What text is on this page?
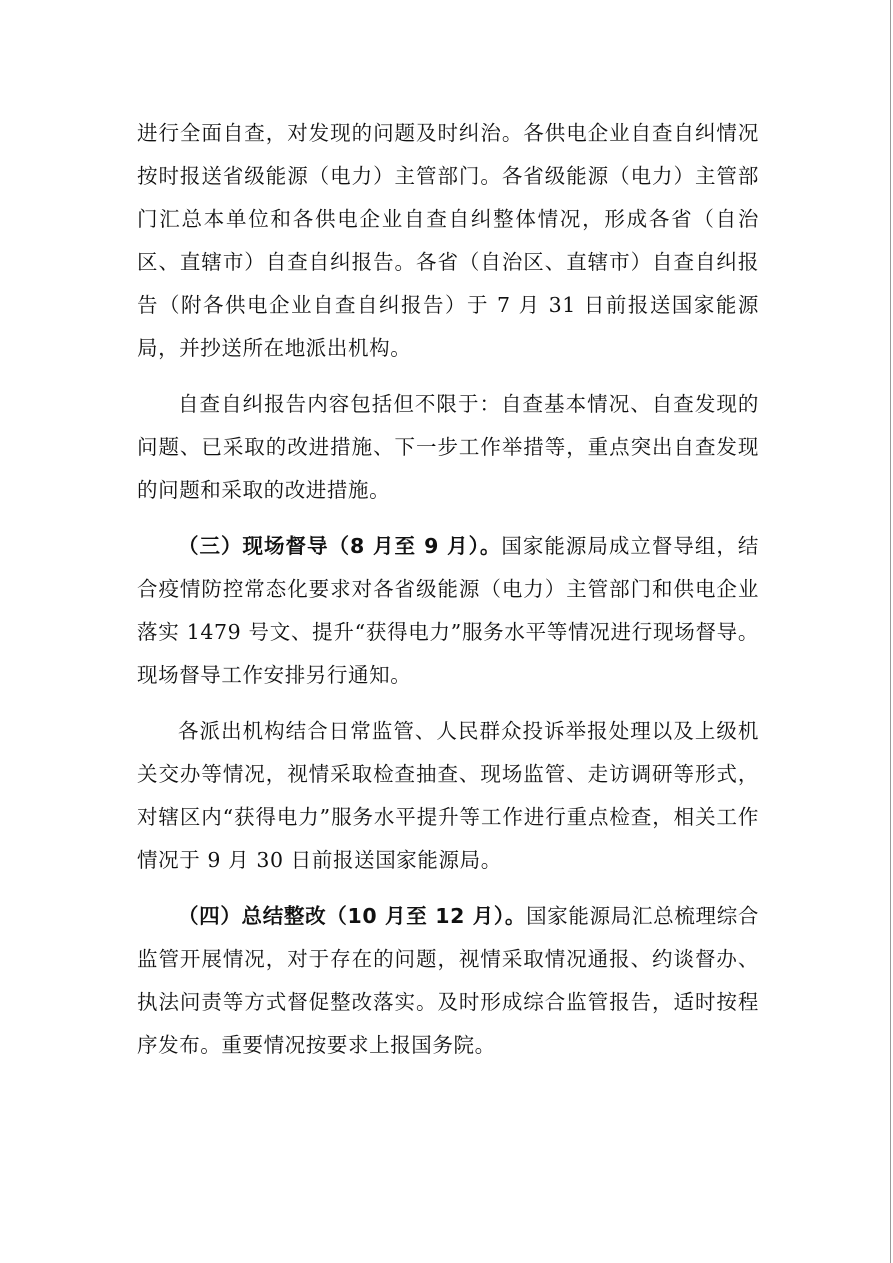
进行全面自查，对发现的问题及时纠治。各供电企业自查自纠情况按时报送省级能源（电力）主管部门。各省级能源（电力）主管部门汇总本单位和各供电企业自查自纠整体情况，形成各省（自治区、直辖市）自查自纠报告。各省（自治区、直辖市）自查自纠报告（附各供电企业自查自纠报告）于 7 月 31 日前报送国家能源局，并抄送所在地派出机构。

自查自纠报告内容包括但不限于：自查基本情况、自查发现的问题、已采取的改进措施、下一步工作举措等，重点突出自查发现的问题和采取的改进措施。

（三）现场督导（8 月至 9 月）。国家能源局成立督导组，结合疫情防控常态化要求对各省级能源（电力）主管部门和供电企业落实 1479 号文、提升“获得电力”服务水平等情况进行现场督导。现场督导工作安排另行通知。

各派出机构结合日常监管、人民群众投诉举报处理以及上级机关交办等情况，视情采取检查抽查、现场监管、走访调研等形式，对辖区内“获得电力”服务水平提升等工作进行重点检查，相关工作情况于 9 月 30 日前报送国家能源局。

（四）总结整改（10 月至 12 月）。国家能源局汇总梳理综合监管开展情况，对于存在的问题，视情采取情况通报、约谈督办、执法问责等方式督促整改落实。及时形成综合监管报告，适时按程序发布。重要情况按要求上报国务院。
